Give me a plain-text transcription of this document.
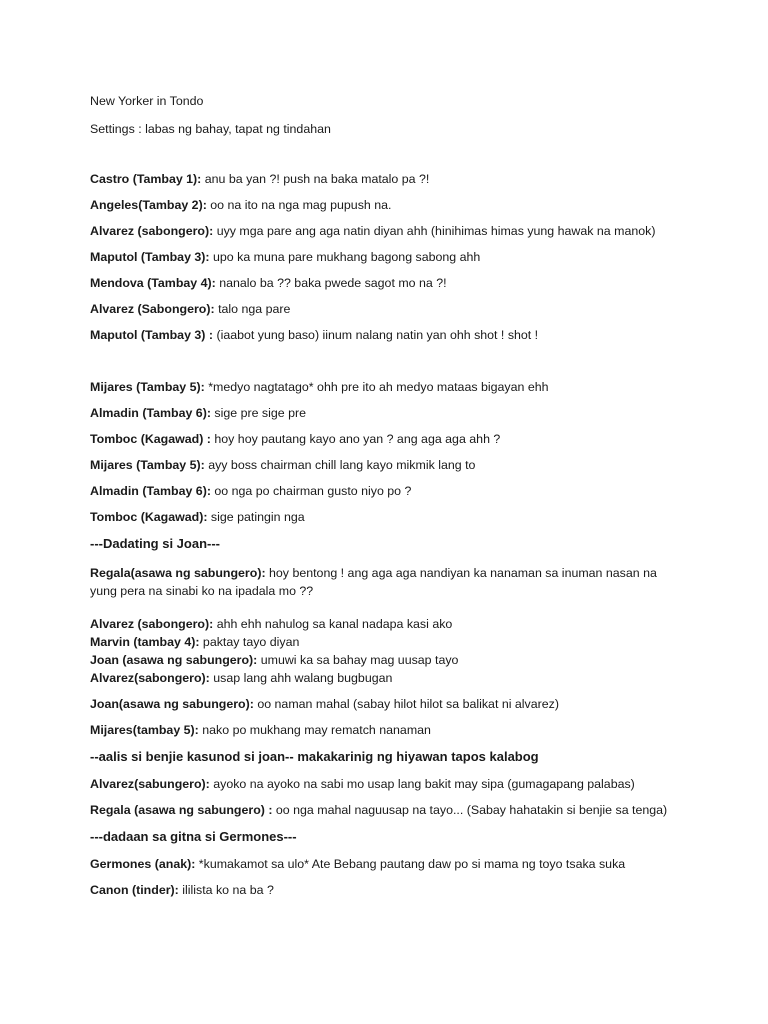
New Yorker in Tondo

Settings : labas ng bahay, tapat ng tindahan

Castro (Tambay 1): anu ba yan ?! push na baka matalo pa ?!

Angeles(Tambay 2): oo na ito na nga mag pupush na.

Alvarez (sabongero): uyy mga pare ang aga natin diyan ahh (hinihimas himas yung hawak na manok)

Maputol (Tambay 3): upo ka muna pare mukhang bagong sabong ahh

Mendova (Tambay 4): nanalo ba ?? baka pwede sagot mo na ?!

Alvarez (Sabongero): talo nga pare

Maputol (Tambay 3) : (iaabot yung baso) iinum nalang natin yan ohh shot ! shot !

Mijares (Tambay 5): *medyo nagtatago* ohh pre ito ah medyo mataas bigayan ehh

Almadin (Tambay 6): sige pre sige pre

Tomboc (Kagawad) : hoy hoy pautang kayo ano yan ? ang aga aga ahh ?

Mijares (Tambay 5): ayy boss chairman chill lang kayo mikmik lang to

Almadin (Tambay 6): oo nga po chairman gusto niyo po ?

Tomboc (Kagawad): sige patingin nga

---Dadating si Joan---

Regala(asawa ng sabungero): hoy bentong ! ang aga aga nandiyan ka nanaman sa inuman nasan na yung pera na sinabi ko na ipadala mo ??

Alvarez (sabongero): ahh ehh nahulog sa kanal nadapa kasi ako

Marvin (tambay 4): paktay tayo diyan

Joan (asawa ng sabungero): umuwi ka sa bahay mag uusap tayo

Alvarez(sabongero): usap lang ahh walang bugbugan

Joan(asawa ng sabungero): oo naman mahal (sabay hilot hilot sa balikat ni alvarez)

Mijares(tambay 5): nako po mukhang may rematch nanaman

--aalis si benjie kasunod si joan-- makakarinig ng hiyawan tapos kalabog

Alvarez(sabungero): ayoko na ayoko na sabi mo usap lang bakit may sipa (gumagapang palabas)

Regala (asawa ng sabungero) : oo nga mahal naguusap na tayo... (Sabay hahatakin si benjie sa tenga)

---dadaan sa gitna si Germones---

Germones (anak): *kumakamot sa ulo* Ate Bebang pautang daw po si mama ng toyo tsaka suka

Canon (tinder): ililista ko na ba ?
